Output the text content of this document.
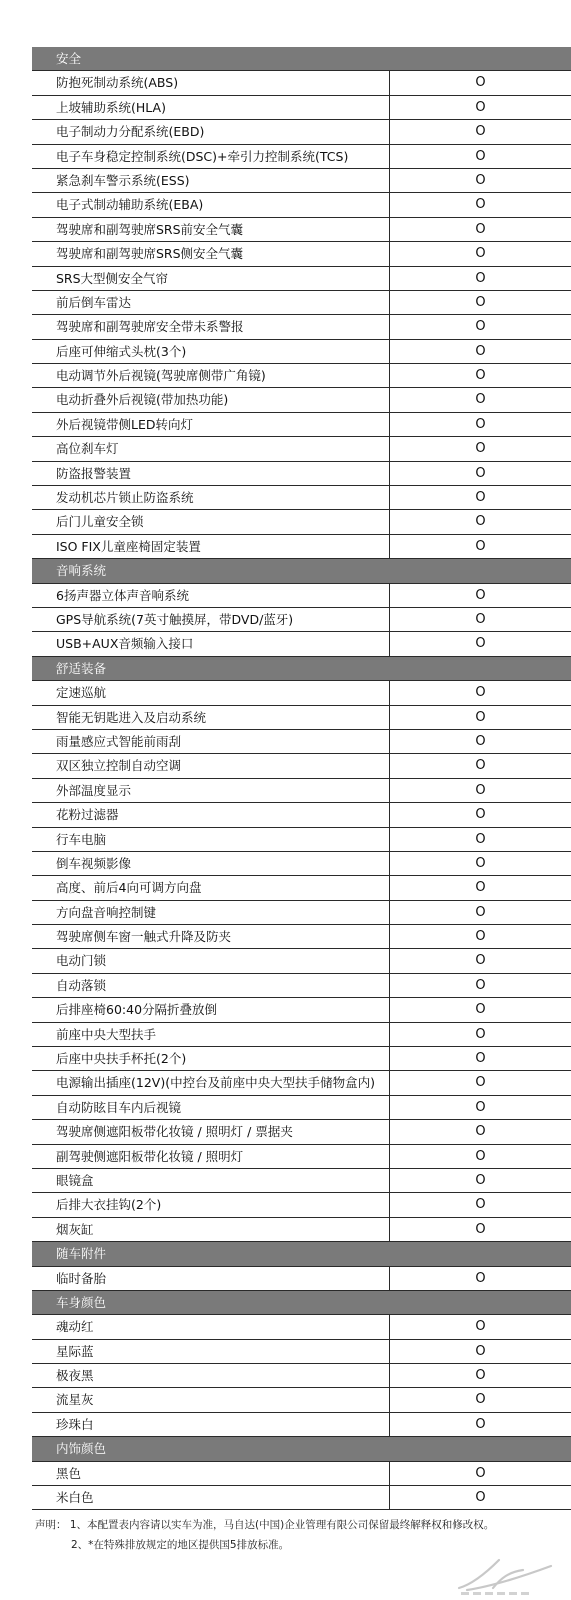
安全
防抱死制动系统(ABS)	O
上坡辅助系统(HLA)	O
电子制动力分配系统(EBD)	O
电子车身稳定控制系统(DSC)+牵引力控制系统(TCS)	O
紧急刹车警示系统(ESS)	O
电子式制动辅助系统(EBA)	O
驾驶席和副驾驶席SRS前安全气囊	O
驾驶席和副驾驶席SRS侧安全气囊	O
SRS大型侧安全气帘	O
前后倒车雷达	O
驾驶席和副驾驶席安全带未系警报	O
后座可伸缩式头枕(3个)	O
电动调节外后视镜(驾驶席侧带广角镜)	O
电动折叠外后视镜(带加热功能)	O
外后视镜带侧LED转向灯	O
高位刹车灯	O
防盗报警装置	O
发动机芯片锁止防盗系统	O
后门儿童安全锁	O
ISO FIX儿童座椅固定装置	O
音响系统
6扬声器立体声音响系统	O
GPS导航系统(7英寸触摸屏，带DVD/蓝牙)	O
USB+AUX音频输入接口	O
舒适装备
定速巡航	O
智能无钥匙进入及启动系统	O
雨量感应式智能前雨刮	O
双区独立控制自动空调	O
外部温度显示	O
花粉过滤器	O
行车电脑	O
倒车视频影像	O
高度、前后4向可调方向盘	O
方向盘音响控制键	O
驾驶席侧车窗一触式升降及防夹	O
电动门锁	O
自动落锁	O
后排座椅60:40分隔折叠放倒	O
前座中央大型扶手	O
后座中央扶手杯托(2个)	O
电源输出插座(12V)(中控台及前座中央大型扶手储物盒内)	O
自动防眩目车内后视镜	O
驾驶席侧遮阳板带化妆镜 / 照明灯 / 票据夹	O
副驾驶侧遮阳板带化妆镜 / 照明灯	O
眼镜盒	O
后排大衣挂钩(2个)	O
烟灰缸	O
随车附件
临时备胎	O
车身颜色
魂动红	O
星际蓝	O
极夜黑	O
流星灰	O
珍珠白	O
内饰颜色
黑色	O
米白色	O
声明： 1、本配置表内容请以实车为准，马自达(中国)企业管理有限公司保留最终解释权和修改权。
2、*在特殊排放规定的地区提供国5排放标准。
